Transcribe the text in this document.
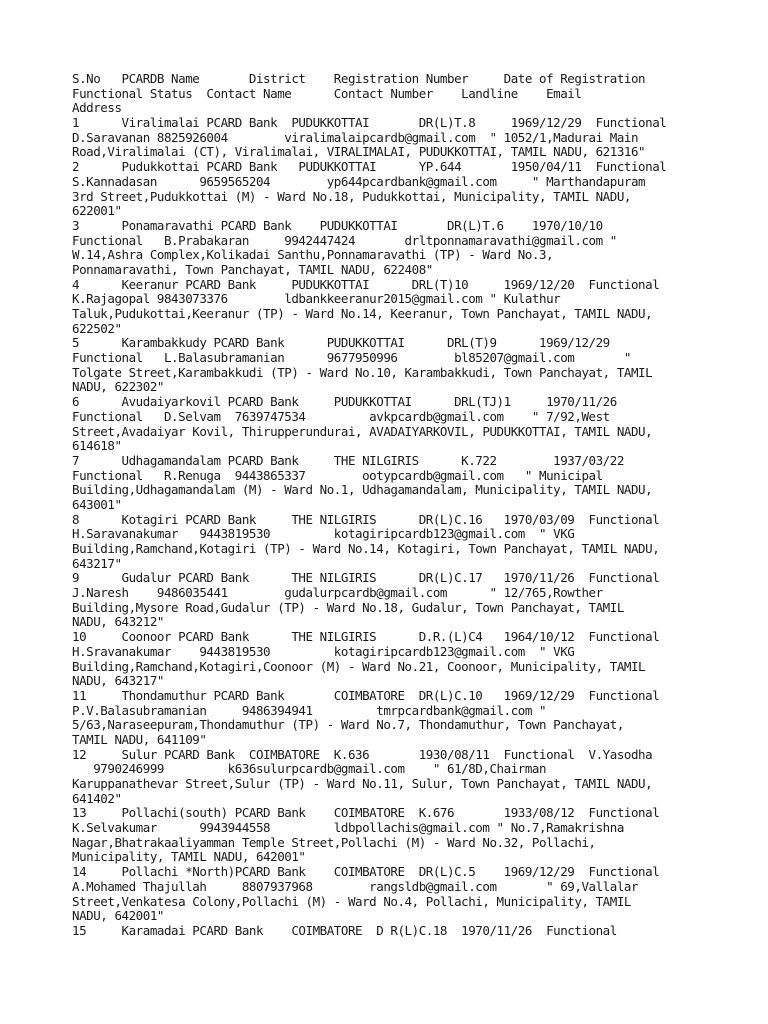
S.No   PCARDB Name       District    Registration Number     Date of Registration
Functional Status  Contact Name      Contact Number    Landline    Email
Address
1      Viralimalai PCARD Bank  PUDUKKOTTAI       DR(L)T.8     1969/12/29  Functional
D.Saravanan 8825926004        viralimalaipcardb@gmail.com  " 1052/1,Madurai Main
Road,Viralimalai (CT), Viralimalai, VIRALIMALAI, PUDUKKOTTAI, TAMIL NADU, 621316"
2      Pudukkottai PCARD Bank   PUDUKKOTTAI      YP.644       1950/04/11  Functional
S.Kannadasan      9659565204        yp644pcardbank@gmail.com     " Marthandapuram
3rd Street,Pudukkottai (M) - Ward No.18, Pudukkottai, Municipality, TAMIL NADU,
622001"
3      Ponamaravathi PCARD Bank    PUDUKKOTTAI       DR(L)T.6    1970/10/10
Functional   B.Prabakaran     9942447424       drltponnamaravathi@gmail.com "
W.14,Ashra Complex,Kolikadai Santhu,Ponnamaravathi (TP) - Ward No.3,
Ponnamaravathi, Town Panchayat, TAMIL NADU, 622408"
4      Keeranur PCARD Bank     PUDUKKOTTAI      DRL(T)10     1969/12/20  Functional
K.Rajagopal 9843073376        ldbankkeeranur2015@gmail.com " Kulathur
Taluk,Pudukottai,Keeranur (TP) - Ward No.14, Keeranur, Town Panchayat, TAMIL NADU,
622502"
5      Karambakkudy PCARD Bank      PUDUKKOTTAI      DRL(T)9      1969/12/29
Functional   L.Balasubramanian      9677950996        bl85207@gmail.com       "
Tolgate Street,Karambakkudi (TP) - Ward No.10, Karambakkudi, Town Panchayat, TAMIL
NADU, 622302"
6      Avudaiyarkovil PCARD Bank     PUDUKKOTTAI      DRL(TJ)1     1970/11/26
Functional   D.Selvam  7639747534         avkpcardb@gmail.com    " 7/92,West
Street,Avadaiyar Kovil, Thirupperundurai, AVADAIYARKOVIL, PUDUKKOTTAI, TAMIL NADU,
614618"
7      Udhagamandalam PCARD Bank     THE NILGIRIS      K.722        1937/03/22
Functional   R.Renuga  9443865337        ootypcardb@gmail.com   " Municipal
Building,Udhagamandalam (M) - Ward No.1, Udhagamandalam, Municipality, TAMIL NADU,
643001"
8      Kotagiri PCARD Bank     THE NILGIRIS      DR(L)C.16   1970/03/09  Functional
H.Saravanakumar   9443819530         kotagiripcardb123@gmail.com  " VKG
Building,Ramchand,Kotagiri (TP) - Ward No.14, Kotagiri, Town Panchayat, TAMIL NADU,
643217"
9      Gudalur PCARD Bank      THE NILGIRIS      DR(L)C.17   1970/11/26  Functional
J.Naresh    9486035441        gudalurpcardb@gmail.com      " 12/765,Rowther
Building,Mysore Road,Gudalur (TP) - Ward No.18, Gudalur, Town Panchayat, TAMIL
NADU, 643212"
10     Coonoor PCARD Bank      THE NILGIRIS      D.R.(L)C4   1964/10/12  Functional
H.Sravanakumar    9443819530         kotagiripcardb123@gmail.com  " VKG
Building,Ramchand,Kotagiri,Coonoor (M) - Ward No.21, Coonoor, Municipality, TAMIL
NADU, 643217"
11     Thondamuthur PCARD Bank       COIMBATORE  DR(L)C.10   1969/12/29  Functional
P.V.Balasubramanian     9486394941         tmrpcardbank@gmail.com "
5/63,Naraseepuram,Thondamuthur (TP) - Ward No.7, Thondamuthur, Town Panchayat,
TAMIL NADU, 641109"
12     Sulur PCARD Bank  COIMBATORE  K.636       1930/08/11  Functional  V.Yasodha
9790246999         k636sulurpcardb@gmail.com    " 61/8D,Chairman
Karuppanathevar Street,Sulur (TP) - Ward No.11, Sulur, Town Panchayat, TAMIL NADU,
641402"
13     Pollachi(south) PCARD Bank    COIMBATORE  K.676       1933/08/12  Functional
K.Selvakumar      9943944558         ldbpollachis@gmail.com " No.7,Ramakrishna
Nagar,Bhatrakaaliyamman Temple Street,Pollachi (M) - Ward No.32, Pollachi,
Municipality, TAMIL NADU, 642001"
14     Pollachi *North)PCARD Bank    COIMBATORE  DR(L)C.5    1969/12/29  Functional
A.Mohamed Thajullah     8807937968        rangsldb@gmail.com       " 69,Vallalar
Street,Venkatesa Colony,Pollachi (M) - Ward No.4, Pollachi, Municipality, TAMIL
NADU, 642001"
15     Karamadai PCARD Bank    COIMBATORE  D R(L)C.18  1970/11/26  Functional
